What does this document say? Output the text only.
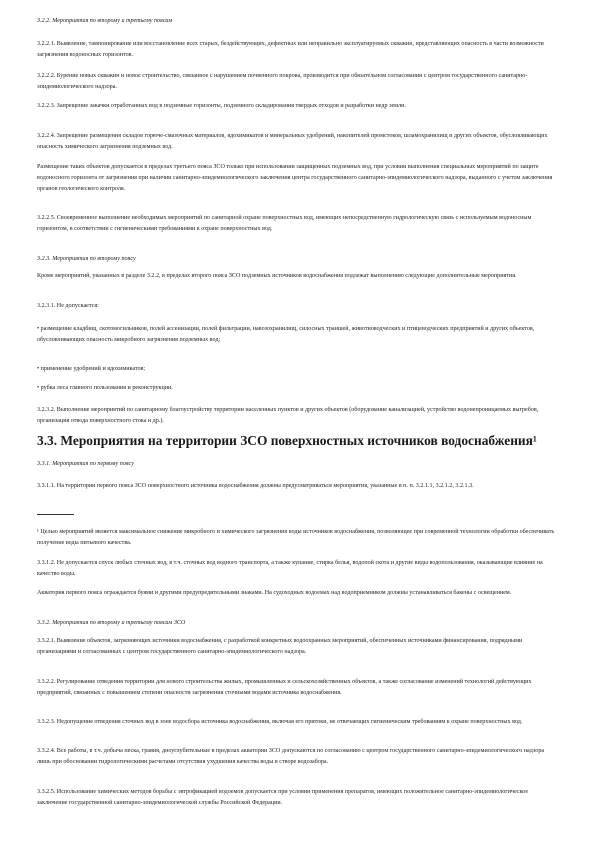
3.2.2. Мероприятия по второму и третьему поясам

3.2.2.1. Выявление, тампонирование или восстановление всех старых, бездействующих, дефектных или неправильно эксплуатируемых скважин, представляющих опасность в части возможности загрязнения водоносных горизонтов.

3.2.2.2. Бурение новых скважин и новое строительство, связанное с нарушением почвенного покрова, производится при обязательном согласовании с центром государственного санитарно-эпидемиологического надзора.

3.2.2.3. Запрещение закачки отработанных вод в подземные горизонты, подземного складирования твердых отходов и разработки недр земли.

3.2.2.4. Запрещение размещения складов горюче-смазочных материалов, ядохимикатов и минеральных удобрений, накопителей промстоков, шламохранилищ и других объектов, обусловливающих опасность химического загрязнения подземных вод.

Размещение таких объектов допускается в пределах третьего пояса ЗСО только при использовании защищенных подземных вод, при условии выполнения специальных мероприятий по защите водоносного горизонта от загрязнения при наличии санитарно-эпидемиологического заключения центра государственного санитарно-эпидемиологического надзора, выданного с учетом заключения органов геологического контроля.

3.2.2.5. Своевременное выполнение необходимых мероприятий по санитарной охране поверхностных вод, имеющих непосредственную гидрологическую связь с используемым водоносным горизонтом, в соответствии с гигиеническими требованиями к охране поверхностных вод.

3.2.3. Мероприятия по второму поясу

Кроме мероприятий, указанных в разделе 3.2.2, в пределах второго пояса ЗСО подземных источников водоснабжения подлежат выполнению следующие дополнительные мероприятия.

3.2.3.1. Не допускается:

• размещение кладбищ, скотомогильников, полей ассенизации, полей фильтрации, навозохранилищ, силосных траншей, животноводческих и птицеводческих предприятий и других объектов, обусловливающих опасность микробного загрязнения подземных вод;

• применение удобрений и ядохимикатов;

• рубка леса главного пользования и реконструкции.

3.2.3.2. Выполнение мероприятий по санитарному благоустройству территории населенных пунктов и других объектов (оборудование канализацией, устройство водонепроницаемых выгребов, организация отвода поверхностного стока и др.).

3.3. Мероприятия на территории ЗСО поверхностных источников водоснабжения¹

3.3.1. Мероприятия по первому поясу

3.3.1.1. На территории первого пояса ЗСО поверхностного источника водоснабжения должны предусматриваться мероприятия, указанные в п. п. 3.2.1.1, 3.2.1.2, 3.2.1.3.

¹ Целью мероприятий является максимальное снижение микробного и химического загрязнения воды источников водоснабжения, позволяющее при современной технологии обработки обеспечивать получение воды питьевого качества.

3.3.1.2. Не допускается спуск любых сточных вод, в т.ч. сточных вод водного транспорта, а также купание, стирка белья, водопой скота и другие виды водопользования, оказывающие влияние на качество воды.

Акватория первого пояса ограждается буями и другими предупредительными знаками. На судоходных водоемах над водоприемником должны устанавливаться бакены с освещением.

3.3.2. Мероприятия по второму и третьему поясам ЗСО

3.3.2.1. Выявление объектов, загрязняющих источники водоснабжения, с разработкой конкретных водоохранных мероприятий, обеспеченных источниками финансирования, подрядными организациями и согласованных с центром государственного санитарно-эпидемиологического надзора.

3.3.2.2. Регулирование отведения территории для нового строительства жилых, промышленных и сельскохозяйственных объектов, а также согласование изменений технологий действующих предприятий, связанных с повышением степени опасности загрязнения сточными водами источника водоснабжения.

3.3.2.3. Недопущение отведения сточных вод в зоне водосбора источника водоснабжения, включая его притоки, не отвечающих гигиеническим требованиям к охране поверхностных вод.

3.3.2.4. Все работы, в т.ч. добыча песка, гравия, дноуглубительные в пределах акватории ЗСО допускаются по согласованию с центром государственного санитарно-эпидемиологического надзора лишь при обосновании гидрологическими расчетами отсутствия ухудшения качества воды в створе водозабора.

3.3.2.5. Использование химических методов борьбы с эвтрофикацией водоемов допускается при условии применения препаратов, имеющих положительное санитарно-эпидемиологическое заключение государственной санитарно-эпидемиологической службы Российской Федерации.
